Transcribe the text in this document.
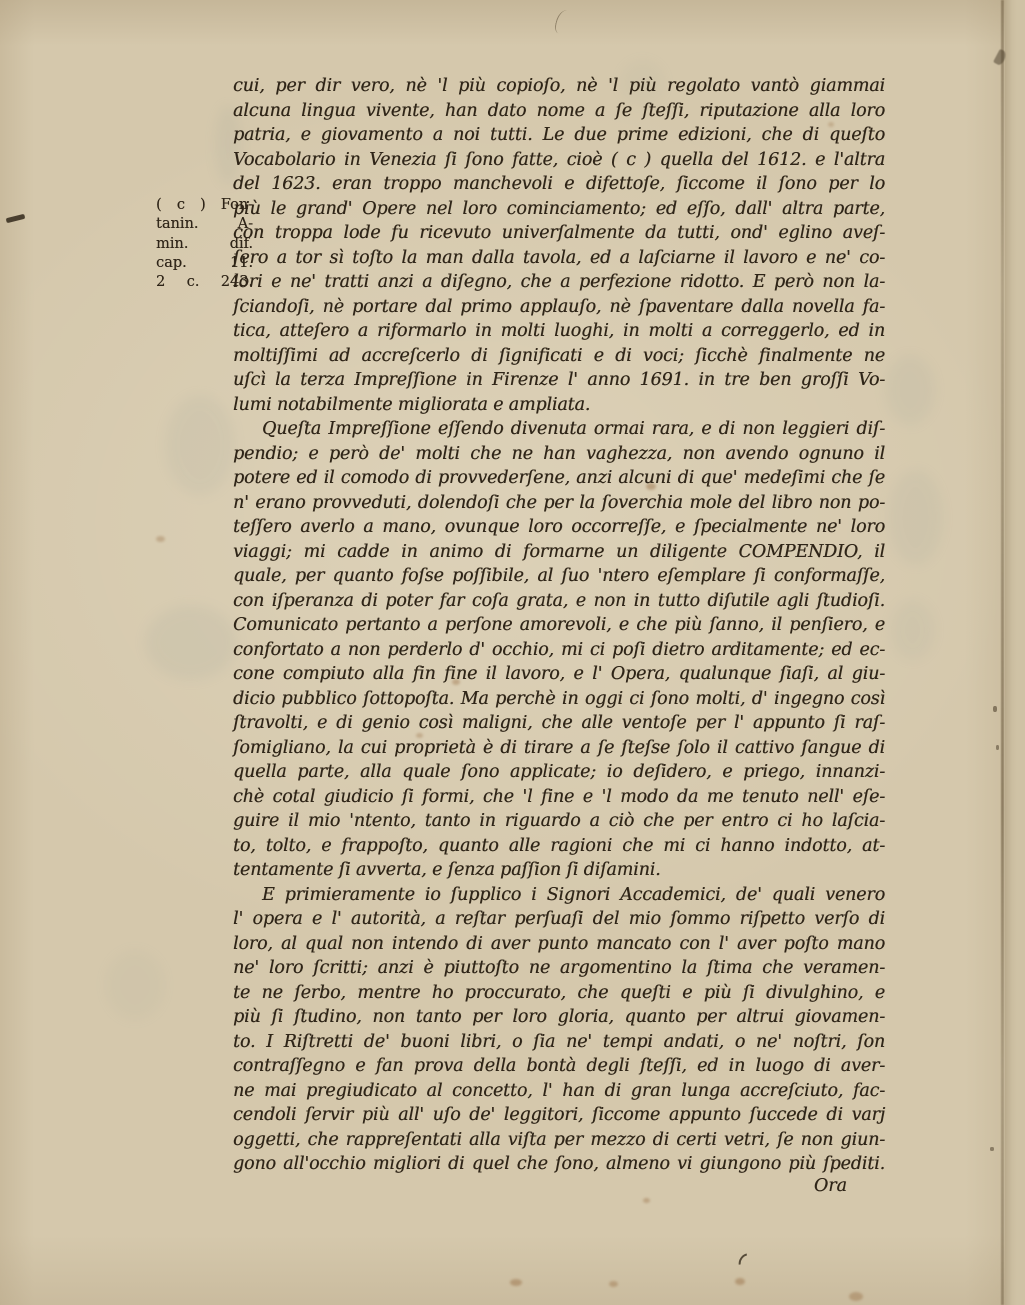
( c ) Fon-
tanin. A-
min. dif.
cap. 11.
2 c. 243.
cui, per dir vero, nè 'l più copioſo, nè 'l più regolato vantò giammai
alcuna lingua vivente, han dato nome a ſe ſteſſi, riputazione alla loro
patria, e giovamento a noi tutti. Le due prime edizioni, che di queſto
Vocabolario in Venezia ſi ſono fatte, cioè ( c ) quella del 1612. e l'altra
del 1623. eran troppo manchevoli e difettoſe, ſiccome il ſono per lo
più le grand' Opere nel loro cominciamento; ed eſſo, dall' altra parte,
con troppa lode fu ricevuto univerſalmente da tutti, ond' eglino aveſ-
ſero a tor sì toſto la man dalla tavola, ed a laſciarne il lavoro e ne' co-
lori e ne' tratti anzi a diſegno, che a perfezione ridotto. E però non la-
ſciandoſi, nè portare dal primo applauſo, nè ſpaventare dalla novella fa-
tica, atteſero a riformarlo in molti luoghi, in molti a correggerlo, ed in
moltiſſimi ad accreſcerlo di ſignificati e di voci; ſicchè finalmente ne
uſcì la terza Impreſſione in Firenze l' anno 1691. in tre ben groſſi Vo-
lumi notabilmente migliorata e ampliata.
Queſta Impreſſione eſſendo divenuta ormai rara, e di non leggieri diſ-
pendio; e però de' molti che ne han vaghezza, non avendo ognuno il
potere ed il comodo di provvederſene, anzi alcuni di que' medeſimi che ſe
n' erano provveduti, dolendoſi che per la ſoverchia mole del libro non po-
teſſero averlo a mano, ovunque loro occorreſſe, e ſpecialmente ne' loro
viaggi; mi cadde in animo di formarne un diligente COMPENDIO, il
quale, per quanto foſse poſſibile, al ſuo 'ntero eſemplare ſi conformaſſe,
con iſperanza di poter far coſa grata, e non in tutto diſutile agli ſtudioſi.
Comunicato pertanto a perſone amorevoli, e che più ſanno, il penſiero, e
confortato a non perderlo d' occhio, mi ci poſi dietro arditamente; ed ec-
cone compiuto alla fin fine il lavoro, e l' Opera, qualunque ſiaſi, al giu-
dicio pubblico ſottopoſta. Ma perchè in oggi ci ſono molti, d' ingegno così
ſtravolti, e di genio così maligni, che alle ventoſe per l' appunto ſi raſ-
ſomigliano, la cui proprietà è di tirare a ſe ſteſse ſolo il cattivo ſangue di
quella parte, alla quale ſono applicate; io deſidero, e priego, innanzi-
chè cotal giudicio ſi formi, che 'l fine e 'l modo da me tenuto nell' eſe-
guire il mio 'ntento, tanto in riguardo a ciò che per entro ci ho laſcia-
to, tolto, e frappoſto, quanto alle ragioni che mi ci hanno indotto, at-
tentamente ſi avverta, e ſenza paſſion ſi diſamini.
E primieramente io ſupplico i Signori Accademici, de' quali venero
l' opera e l' autorità, a reſtar perſuaſi del mio ſommo riſpetto verſo di
loro, al qual non intendo di aver punto mancato con l' aver poſto mano
ne' loro ſcritti; anzi è piuttoſto ne argomentino la ſtima che veramen-
te ne ſerbo, mentre ho proccurato, che queſti e più ſi divulghino, e
più ſi ſtudino, non tanto per loro gloria, quanto per altrui giovamen-
to. I Riſtretti de' buoni libri, o ſia ne' tempi andati, o ne' noſtri, ſon
contraſſegno e fan prova della bontà degli ſteſſi, ed in luogo di aver-
ne mai pregiudicato al concetto, l' han di gran lunga accreſciuto, fac-
cendoli ſervir più all' uſo de' leggitori, ſiccome appunto ſuccede di varj
oggetti, che rappreſentati alla viſta per mezzo di certi vetri, ſe non giun-
gono all'occhio migliori di quel che ſono, almeno vi giungono più ſpediti.
Ora
